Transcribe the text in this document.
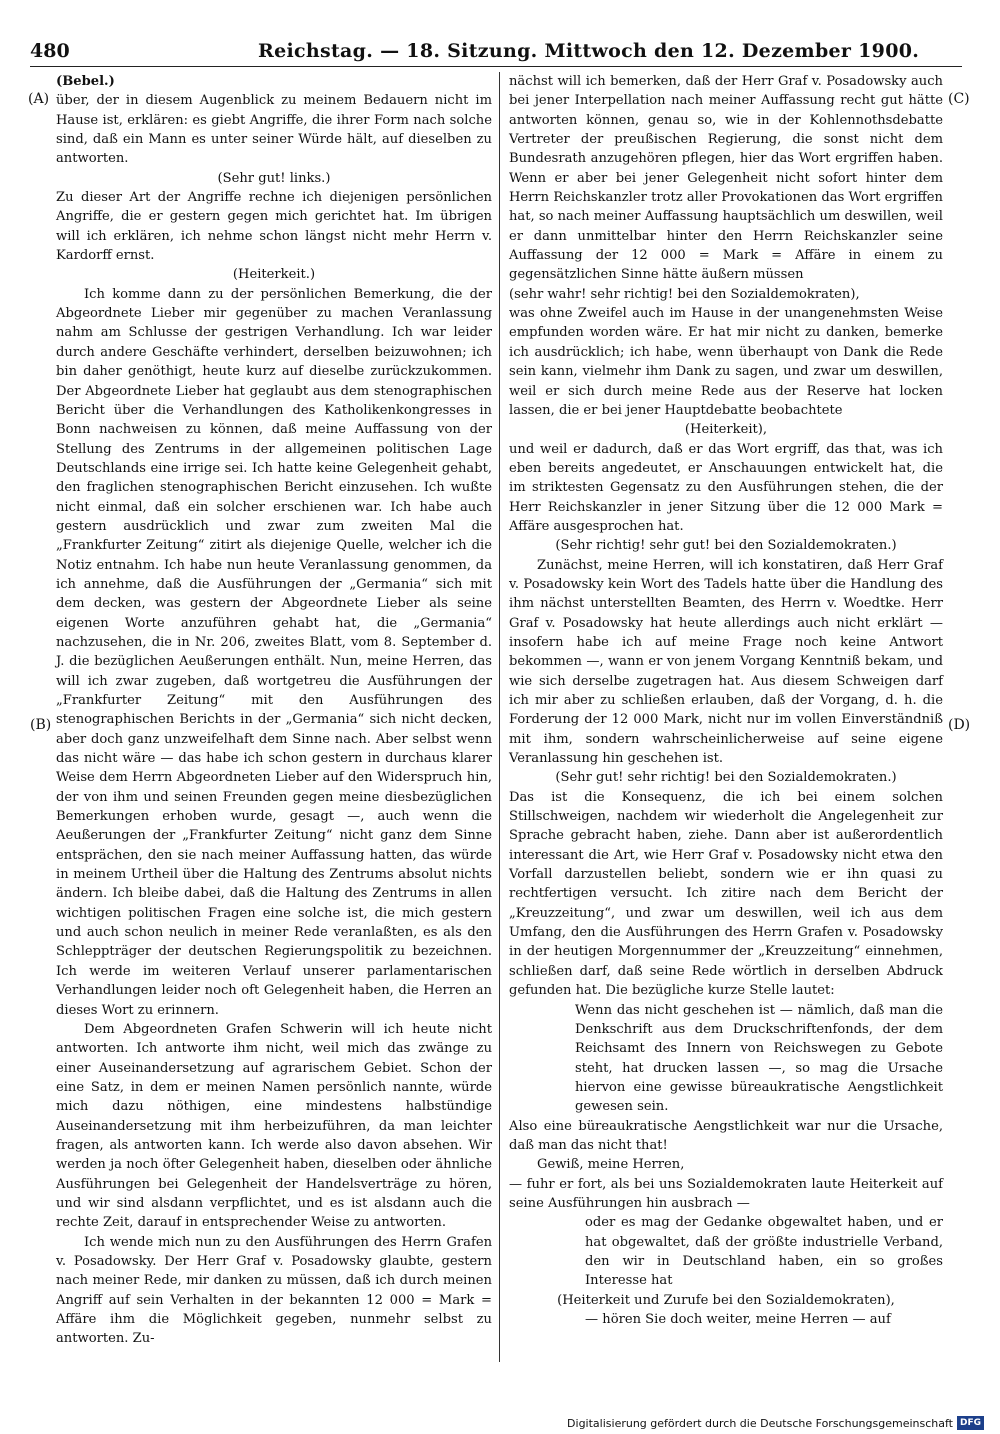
480	Reichstag. — 18. Sitzung. Mittwoch den 12. Dezember 1900.
(A)
(B)
(C)
(D)

(Bebel.)

über, der in diesem Augenblick zu meinem Bedauern nicht im Hause ist, erklären: es giebt Angriffe, die ihrer Form nach solche sind, daß ein Mann es unter seiner Würde hält, auf dieselben zu antworten.

(Sehr gut! links.)

Zu dieser Art der Angriffe rechne ich diejenigen persönlichen Angriffe, die er gestern gegen mich gerichtet hat. Im übrigen will ich erklären, ich nehme schon längst nicht mehr Herrn v. Kardorff ernst.

(Heiterkeit.)

Ich komme dann zu der persönlichen Bemerkung, die der Abgeordnete Lieber mir gegenüber zu machen Veranlassung nahm am Schlusse der gestrigen Verhandlung. Ich war leider durch andere Geschäfte verhindert, derselben beizuwohnen; ich bin daher genöthigt, heute kurz auf dieselbe zurückzukommen. Der Abgeordnete Lieber hat geglaubt aus dem stenographischen Bericht über die Verhandlungen des Katholikenkongresses in Bonn nachweisen zu können, daß meine Auffassung von der Stellung des Zentrums in der allgemeinen politischen Lage Deutschlands eine irrige sei. Ich hatte keine Gelegenheit gehabt, den fraglichen stenographischen Bericht einzusehen. Ich wußte nicht einmal, daß ein solcher erschienen war. Ich habe auch gestern ausdrücklich und zwar zum zweiten Mal die „Frankfurter Zeitung“ zitirt als diejenige Quelle, welcher ich die Notiz entnahm. Ich habe nun heute Veranlassung genommen, da ich annehme, daß die Ausführungen der „Germania“ sich mit dem decken, was gestern der Abgeordnete Lieber als seine eigenen Worte anzuführen gehabt hat, die „Germania“ nachzusehen, die in Nr. 206, zweites Blatt, vom 8. September d. J. die bezüglichen Aeußerungen enthält. Nun, meine Herren, das will ich zwar zugeben, daß wortgetreu die Ausführungen der „Frankfurter Zeitung“ mit den Ausführungen des stenographischen Berichts in der „Germania“ sich nicht decken, aber doch ganz unzweifelhaft dem Sinne nach. Aber selbst wenn das nicht wäre — das habe ich schon gestern in durchaus klarer Weise dem Herrn Abgeordneten Lieber auf den Widerspruch hin, der von ihm und seinen Freunden gegen meine diesbezüglichen Bemerkungen erhoben wurde, gesagt —, auch wenn die Aeußerungen der „Frankfurter Zeitung“ nicht ganz dem Sinne entsprächen, den sie nach meiner Auffassung hatten, das würde in meinem Urtheil über die Haltung des Zentrums absolut nichts ändern. Ich bleibe dabei, daß die Haltung des Zentrums in allen wichtigen politischen Fragen eine solche ist, die mich gestern und auch schon neulich in meiner Rede veranlaßten, es als den Schleppträger der deutschen Regierungspolitik zu bezeichnen. Ich werde im weiteren Verlauf unserer parlamentarischen Verhandlungen leider noch oft Gelegenheit haben, die Herren an dieses Wort zu erinnern.

Dem Abgeordneten Grafen Schwerin will ich heute nicht antworten. Ich antworte ihm nicht, weil mich das zwänge zu einer Auseinandersetzung auf agrarischem Gebiet. Schon der eine Satz, in dem er meinen Namen persönlich nannte, würde mich dazu nöthigen, eine mindestens halbstündige Auseinandersetzung mit ihm herbeizuführen, da man leichter fragen, als antworten kann. Ich werde also davon absehen. Wir werden ja noch öfter Gelegenheit haben, dieselben oder ähnliche Ausführungen bei Gelegenheit der Handelsverträge zu hören, und wir sind alsdann verpflichtet, und es ist alsdann auch die rechte Zeit, darauf in entsprechender Weise zu antworten.

Ich wende mich nun zu den Ausführungen des Herrn Grafen v. Posadowsky. Der Herr Graf v. Posadowsky glaubte, gestern nach meiner Rede, mir danken zu müssen, daß ich durch meinen Angriff auf sein Verhalten in der bekannten 12 000 = Mark = Affäre ihm die Möglichkeit gegeben, nunmehr selbst zu antworten. Zu-

nächst will ich bemerken, daß der Herr Graf v. Posadowsky auch bei jener Interpellation nach meiner Auffassung recht gut hätte antworten können, genau so, wie in der Kohlennothsdebatte Vertreter der preußischen Regierung, die sonst nicht dem Bundesrath anzugehören pflegen, hier das Wort ergriffen haben. Wenn er aber bei jener Gelegenheit nicht sofort hinter dem Herrn Reichskanzler trotz aller Provokationen das Wort ergriffen hat, so nach meiner Auffassung hauptsächlich um deswillen, weil er dann unmittelbar hinter den Herrn Reichskanzler seine Auffassung der 12 000 = Mark = Affäre in einem zu gegensätzlichen Sinne hätte äußern müssen

(sehr wahr! sehr richtig! bei den Sozialdemokraten),

was ohne Zweifel auch im Hause in der unangenehmsten Weise empfunden worden wäre. Er hat mir nicht zu danken, bemerke ich ausdrücklich; ich habe, wenn überhaupt von Dank die Rede sein kann, vielmehr ihm Dank zu sagen, und zwar um deswillen, weil er sich durch meine Rede aus der Reserve hat locken lassen, die er bei jener Hauptdebatte beobachtete

(Heiterkeit),

und weil er dadurch, daß er das Wort ergriff, das that, was ich eben bereits angedeutet, er Anschauungen entwickelt hat, die im striktesten Gegensatz zu den Ausführungen stehen, die der Herr Reichskanzler in jener Sitzung über die 12 000 Mark = Affäre ausgesprochen hat.

(Sehr richtig! sehr gut! bei den Sozialdemokraten.)

Zunächst, meine Herren, will ich konstatiren, daß Herr Graf v. Posadowsky kein Wort des Tadels hatte über die Handlung des ihm nächst unterstellten Beamten, des Herrn v. Woedtke. Herr Graf v. Posadowsky hat heute allerdings auch nicht erklärt — insofern habe ich auf meine Frage noch keine Antwort bekommen —, wann er von jenem Vorgang Kenntniß bekam, und wie sich derselbe zugetragen hat. Aus diesem Schweigen darf ich mir aber zu schließen erlauben, daß der Vorgang, d. h. die Forderung der 12 000 Mark, nicht nur im vollen Einverständniß mit ihm, sondern wahrscheinlicherweise auf seine eigene Veranlassung hin geschehen ist.

(Sehr gut! sehr richtig! bei den Sozialdemokraten.)

Das ist die Konsequenz, die ich bei einem solchen Stillschweigen, nachdem wir wiederholt die Angelegenheit zur Sprache gebracht haben, ziehe. Dann aber ist außerordentlich interessant die Art, wie Herr Graf v. Posadowsky nicht etwa den Vorfall darzustellen beliebt, sondern wie er ihn quasi zu rechtfertigen versucht. Ich zitire nach dem Bericht der „Kreuzzeitung“, und zwar um deswillen, weil ich aus dem Umfang, den die Ausführungen des Herrn Grafen v. Posadowsky in der heutigen Morgennummer der „Kreuzzeitung“ einnehmen, schließen darf, daß seine Rede wörtlich in derselben Abdruck gefunden hat. Die bezügliche kurze Stelle lautet:

Wenn das nicht geschehen ist — nämlich, daß man die Denkschrift aus dem Druckschriftenfonds, der dem Reichsamt des Innern von Reichswegen zu Gebote steht, hat drucken lassen —, so mag die Ursache hiervon eine gewisse büreaukratische Aengstlichkeit gewesen sein.

Also eine büreaukratische Aengstlichkeit war nur die Ursache, daß man das nicht that!

Gewiß, meine Herren,

— fuhr er fort, als bei uns Sozialdemokraten laute Heiterkeit auf seine Ausführungen hin ausbrach —

oder es mag der Gedanke obgewaltet haben, und er hat obgewaltet, daß der größte industrielle Verband, den wir in Deutschland haben, ein so großes Interesse hat

(Heiterkeit und Zurufe bei den Sozialdemokraten),

— hören Sie doch weiter, meine Herren — auf

Digitalisierung gefördert durch die Deutsche Forschungsgemeinschaft DFG
